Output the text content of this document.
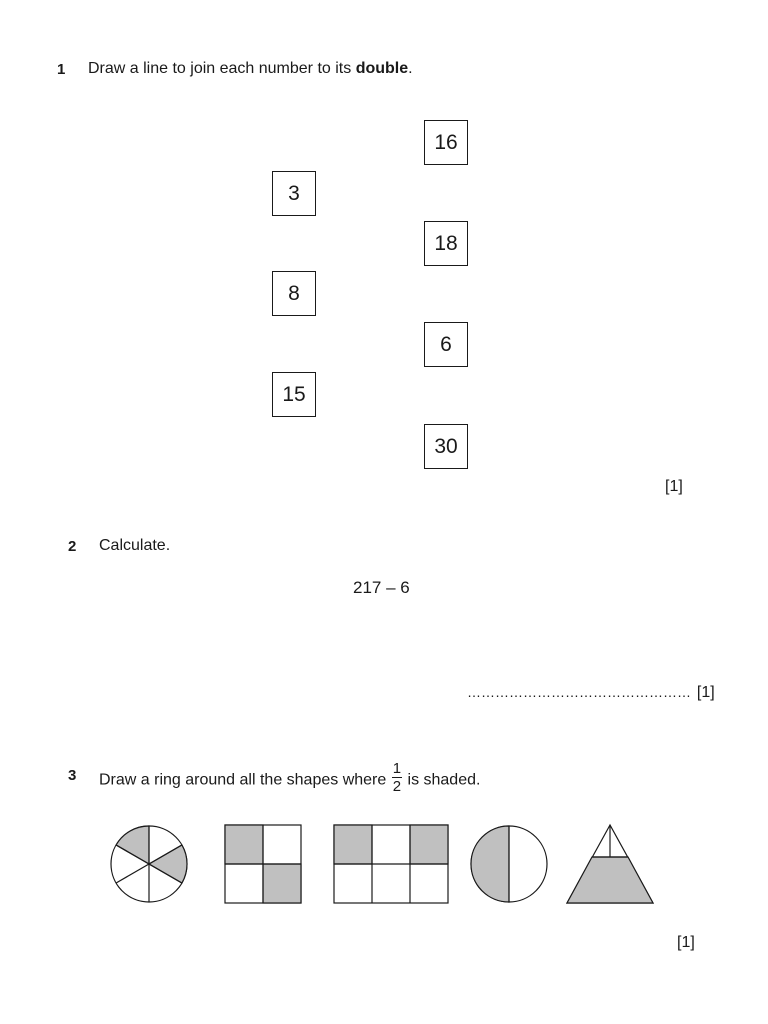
1 Draw a line to join each number to its double.
3
8
15
16
18
6
30
[1]
2 Calculate.
217 – 6
………………………………………… [1]
3 Draw a ring around all the shapes where $\frac{1}{2}$ is shaded.
[1]
